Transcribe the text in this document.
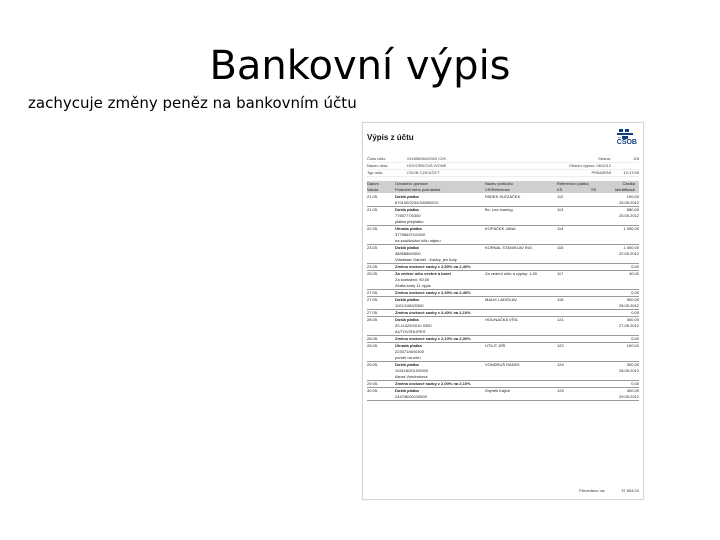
Bankovní výpis
zachycuje změny peněz na bankovním účtu
Výpis z účtu
ČSOB
Číslo účtu:	241858964/0300 CZK	Strana:	2/3
Název účtu:	HOVORKOVÁ IVONE	Období výpisu: 06/2012
Typ účtu:	CSOB CZK/ÚČET	PRIMÁRNÍ	12:17:09
Datum	Označení operace	Název protiúčtu	Referenční platba	Částka
Valuta	Protiúčet nebo poznámka	VS/Reference	KS	SS	Identifikace
21.05.	Došlá platba	PADEK SLEZÁČEK	112	100,00
670100/2234/34/085210	25.05.2012
21.05.	Došlá platba	Bc. Lea Ivaning	113	580,00
7755777/0300	25.05.2012
platba přeplatku
22.05.	Úhrada platba	KOPÁČEK JANA	114	1 050,00
377566371/0300
na zaúčtování účtu nájmu
23.05.	Došlá platba	KORNAL STANISLAV ING	115	1 000,00
3895886/0300	22.05.2012
Vlastislav Gabriel - Koláry, jen tudy
23.05.	Změna úrokové sazby z 2,50% na 2,40%	0,00
25.05.	Za vedení účtu včetně a karet	Za vedení účtu a výpisy: 1,00	117	40,00
Za kontaktní: 50,00
Ztráta karty 11 výpis
27.05.	Změna úrokové sazby z 2,40% na 2,40%	0,00
27.05.	Došlá platba	MALIK LADISLAV	118	500,00
1101/1083/0300	28.05.2012
27.05.	Změna úrokové sazby z 2,40% na 2,10%	0,00
28.05.	Došlá platba	HOLINAČKA VÍTA	121	300,00
20-11425/2010 0300	27.05.2012
AUTOVZHLIPES
28.05.	Změna úrokové sazby z 2,10% na 2,00%	0,00
28.05.	Úhrada platba	UTILIT JIŘÍ	122	100,00
223371/60/0300
poměr na účtu
29.05.	Došlá platba	VONDRUŠ RADEK	124	300,00
104116/2010/0300	28.05.2012
Alena Vondrušová
29.05.	Změna úrokové sazby z 2,00% na 2,10%	0,00
30.05.	Došlá platba	Zbyněk Kajich	125	300,00
2447/8000110500	29.05.2012
Převedeno na:	37 654,00
